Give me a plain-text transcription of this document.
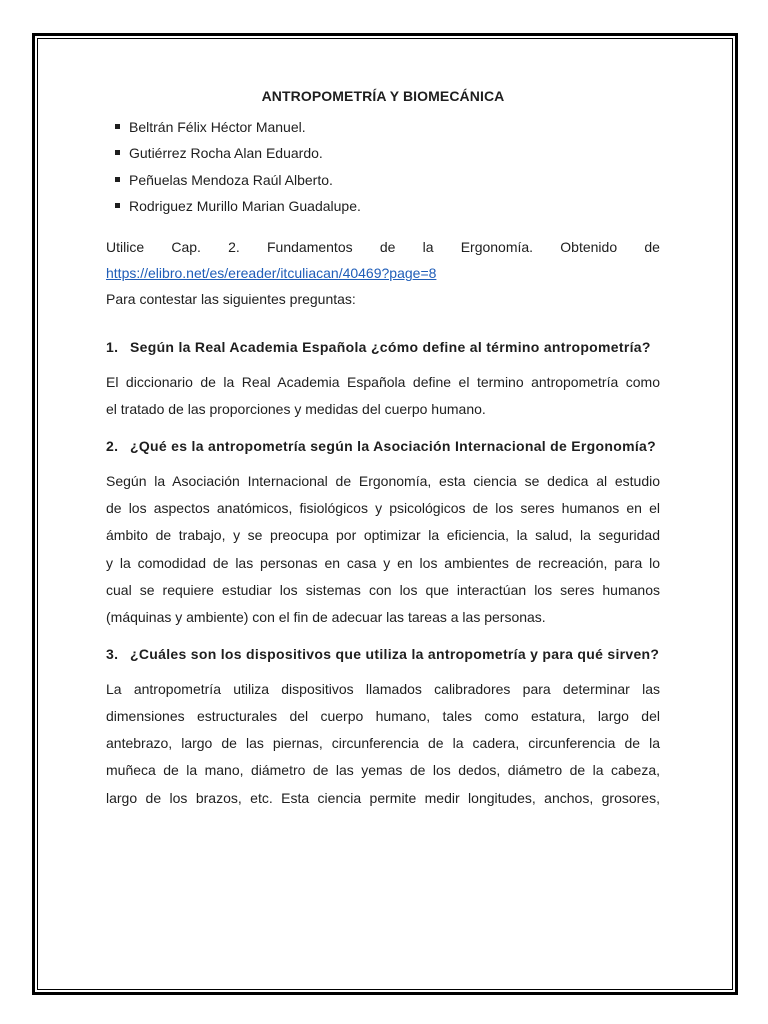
ANTROPOMETRÍA Y BIOMECÁNICA
Beltrán Félix Héctor Manuel.
Gutiérrez Rocha Alan Eduardo.
Peñuelas Mendoza Raúl Alberto.
Rodriguez Murillo Marian Guadalupe.
Utilice Cap. 2. Fundamentos de la Ergonomía. Obtenido de
https://elibro.net/es/ereader/itculiacan/40469?page=8
Para contestar las siguientes preguntas:
1. Según la Real Academia Española ¿cómo define al término antropometría?
El diccionario de la Real Academia Española define el termino antropometría como
el tratado de las proporciones y medidas del cuerpo humano.
2. ¿Qué es la antropometría según la Asociación Internacional de Ergonomía?
Según la Asociación Internacional de Ergonomía, esta ciencia se dedica al estudio
de los aspectos anatómicos, fisiológicos y psicológicos de los seres humanos en el
ámbito de trabajo, y se preocupa por optimizar la eficiencia, la salud, la seguridad
y la comodidad de las personas en casa y en los ambientes de recreación, para lo
cual se requiere estudiar los sistemas con los que interactúan los seres humanos
(máquinas y ambiente) con el fin de adecuar las tareas a las personas.
3. ¿Cuáles son los dispositivos que utiliza la antropometría y para qué sirven?
La antropometría utiliza dispositivos llamados calibradores para determinar las
dimensiones estructurales del cuerpo humano, tales como estatura, largo del
antebrazo, largo de las piernas, circunferencia de la cadera, circunferencia de la
muñeca de la mano, diámetro de las yemas de los dedos, diámetro de la cabeza,
largo de los brazos, etc. Esta ciencia permite medir longitudes, anchos, grosores,
